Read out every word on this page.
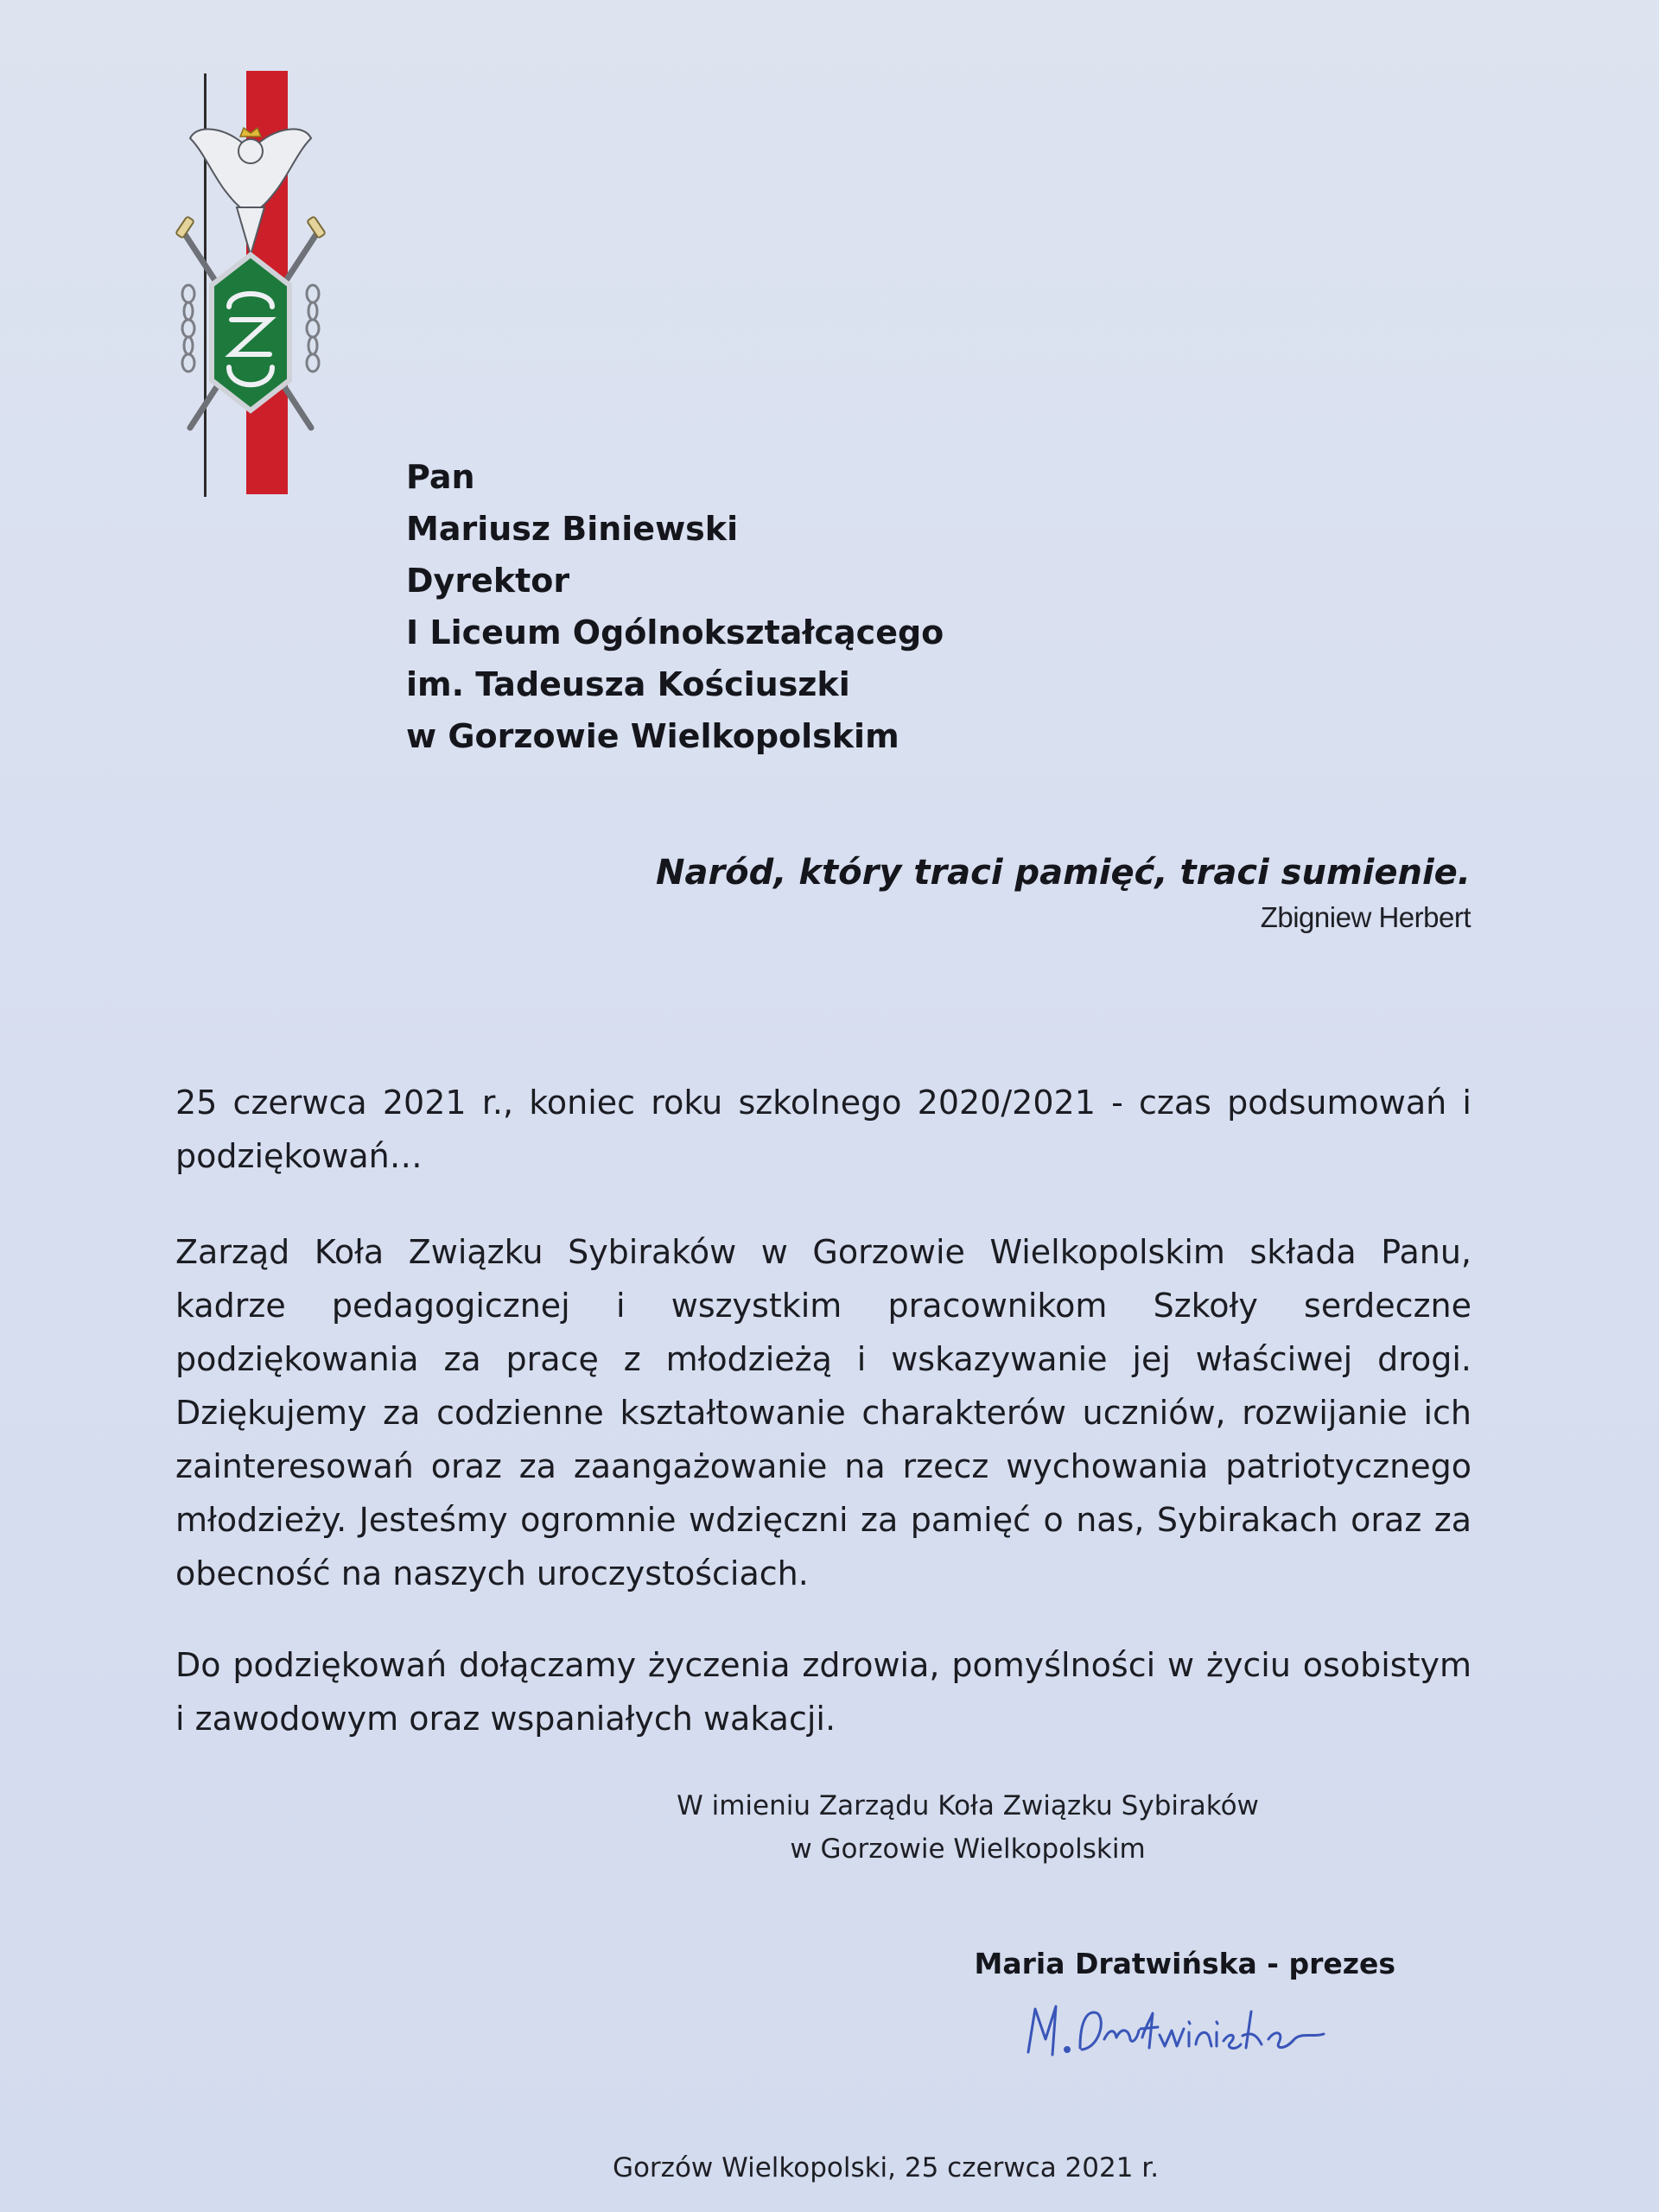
Pan
Mariusz Biniewski
Dyrektor
I Liceum Ogólnokształcącego
im. Tadeusza Kościuszki
w Gorzowie Wielkopolskim
Naród, który traci pamięć, traci sumienie.
Zbigniew Herbert
25 czerwca 2021 r., koniec roku szkolnego 2020/2021 - czas podsumowań i podziękowań…
Zarząd Koła Związku Sybiraków w Gorzowie Wielkopolskim składa Panu, kadrze pedagogicznej i wszystkim pracownikom Szkoły serdeczne podziękowania za pracę z młodzieżą i wskazywanie jej właściwej drogi. Dziękujemy za codzienne kształtowanie charakterów uczniów, rozwijanie ich zainteresowań oraz za zaangażowanie na rzecz wychowania patriotycznego młodzieży. Jesteśmy ogromnie wdzięczni za pamięć o nas, Sybirakach oraz za obecność na naszych uroczystościach.
Do podziękowań dołączamy życzenia zdrowia, pomyślności w życiu osobistym i zawodowym oraz wspaniałych wakacji.
W imieniu Zarządu Koła Związku Sybiraków
w Gorzowie Wielkopolskim
Maria Dratwińska - prezes
Gorzów Wielkopolski, 25 czerwca 2021 r.
